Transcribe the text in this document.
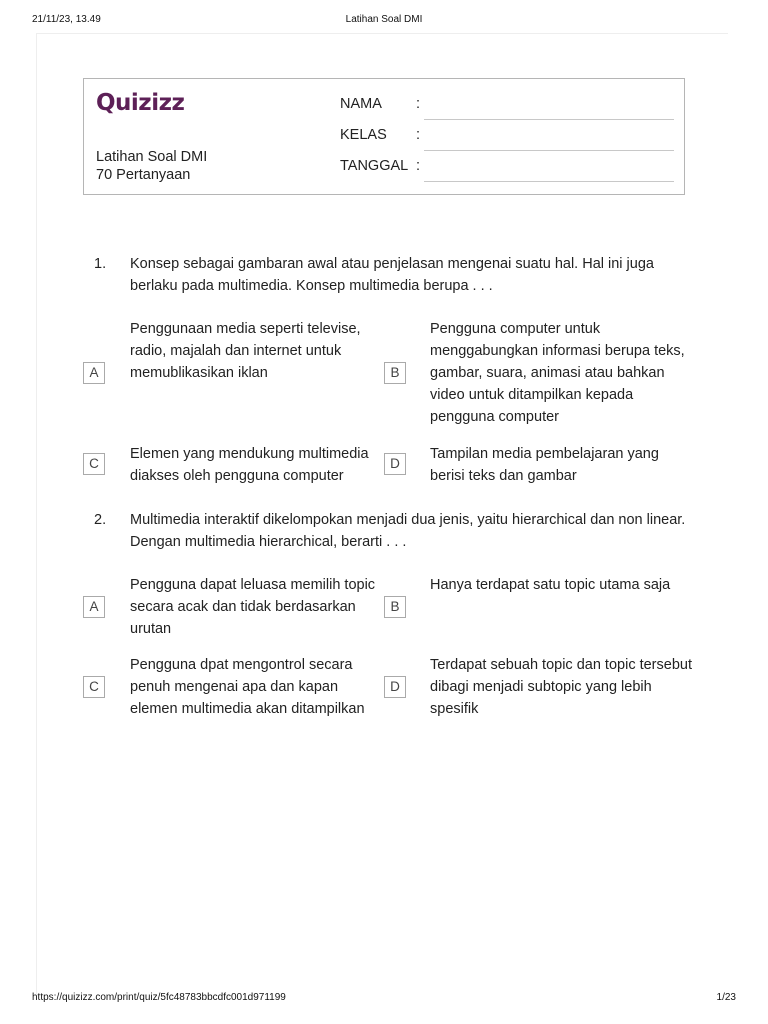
21/11/23, 13.49	Latihan Soal DMI
Quizizz
Latihan Soal DMI
70 Pertanyaan
NAMA :
KELAS :
TANGGAL :
1. Konsep sebagai gambaran awal atau penjelasan mengenai suatu hal. Hal ini juga berlaku pada multimedia. Konsep multimedia berupa . . .
A
Penggunaan media seperti televise, radio, majalah dan internet untuk memublikasikan iklan	B
Pengguna computer untuk menggabungkan informasi berupa teks, gambar, suara, animasi atau bahkan video untuk ditampilkan kepada pengguna computer
C
Elemen yang mendukung multimedia diakses oleh pengguna computer
D
Tampilan media pembelajaran yang berisi teks dan gambar
2. Multimedia interaktif dikelompokan menjadi dua jenis, yaitu hierarchical dan non linear. Dengan multimedia hierarchical, berarti . . .
A
Pengguna dapat leluasa memilih topic secara acak dan tidak berdasarkan urutan
B
Hanya terdapat satu topic utama saja
C
Pengguna dpat mengontrol secara penuh mengenai apa dan kapan elemen multimedia akan ditampilkan
D
Terdapat sebuah topic dan topic tersebut dibagi menjadi subtopic yang lebih spesifik
https://quizizz.com/print/quiz/5fc48783bbcdfc001d971199	1/23
